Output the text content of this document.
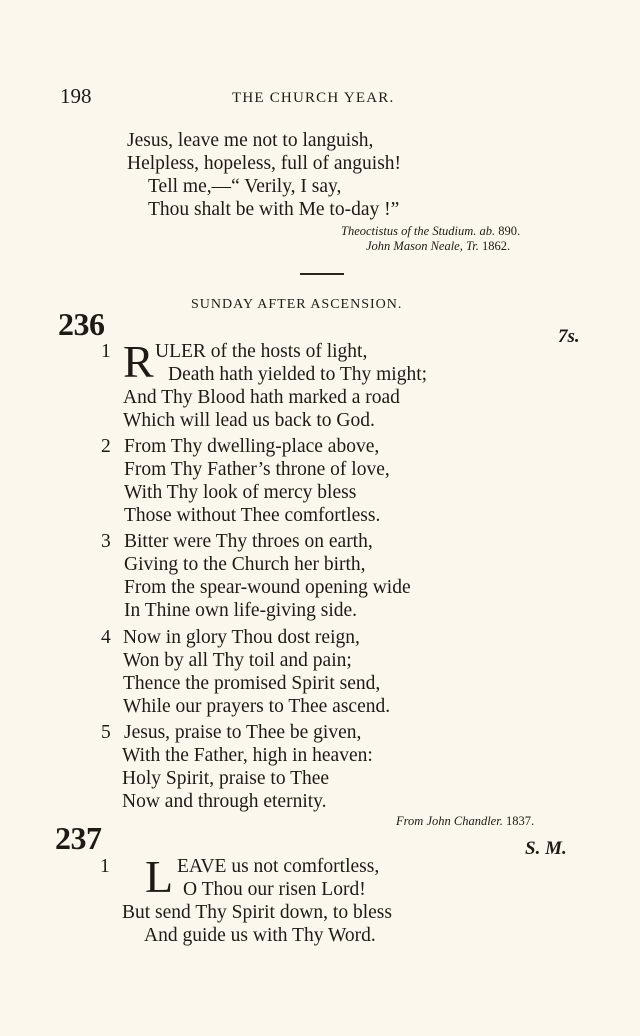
198	THE CHURCH YEAR.
Jesus, leave me not to languish,
Helpless, hopeless, full of anguish!
Tell me,—“ Verily, I say,
Thou shalt be with Me to-day !”
Theoctistus of the Studium. ab. 890.
John Mason Neale, Tr. 1862.
SUNDAY AFTER ASCENSION.
236	7s.
1 R ULER of the hosts of light,
Death hath yielded to Thy might;
And Thy Blood hath marked a road
Which will lead us back to God.
2 From Thy dwelling-place above,
From Thy Father’s throne of love,
With Thy look of mercy bless
Those without Thee comfortless.
3 Bitter were Thy throes on earth,
Giving to the Church her birth,
From the spear-wound opening wide
In Thine own life-giving side.
4 Now in glory Thou dost reign,
Won by all Thy toil and pain;
Thence the promised Spirit send,
While our prayers to Thee ascend.
5 Jesus, praise to Thee be given,
With the Father, high in heaven:
Holy Spirit, praise to Thee
Now and through eternity.
From John Chandler. 1837.
237	S. M.
1 L EAVE us not comfortless,
O Thou our risen Lord!
But send Thy Spirit down, to bless
And guide us with Thy Word.
